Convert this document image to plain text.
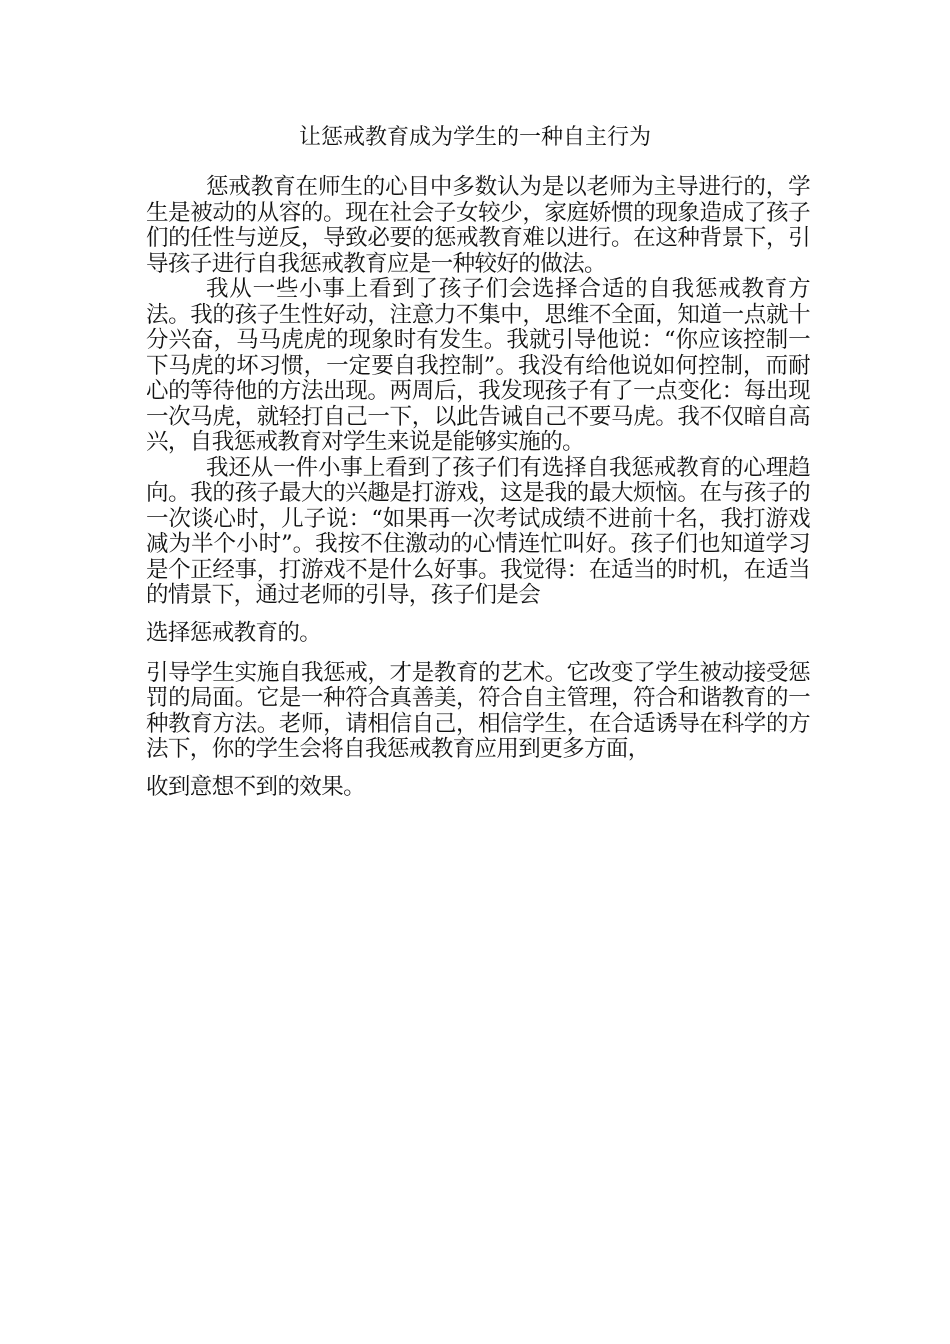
让惩戒教育成为学生的一种自主行为

惩戒教育在师生的心目中多数认为是以老师为主导进行的，学生是被动的从容的。现在社会子女较少，家庭娇惯的现象造成了孩子们的任性与逆反，导致必要的惩戒教育难以进行。在这种背景下，引导孩子进行自我惩戒教育应是一种较好的做法。

我从一些小事上看到了孩子们会选择合适的自我惩戒教育方法。我的孩子生性好动，注意力不集中，思维不全面，知道一点就十分兴奋，马马虎虎的现象时有发生。我就引导他说：“你应该控制一下马虎的坏习惯，一定要自我控制”。我没有给他说如何控制，而耐心的等待他的方法出现。两周后，我发现孩子有了一点变化：每出现一次马虎，就轻打自己一下，以此告诫自己不要马虎。我不仅暗自高兴，自我惩戒教育对学生来说是能够实施的。

我还从一件小事上看到了孩子们有选择自我惩戒教育的心理趋向。我的孩子最大的兴趣是打游戏，这是我的最大烦恼。在与孩子的一次谈心时，儿子说：“如果再一次考试成绩不进前十名，我打游戏减为半个小时”。我按不住激动的心情连忙叫好。孩子们也知道学习是个正经事，打游戏不是什么好事。我觉得：在适当的时机，在适当的情景下，通过老师的引导，孩子们是会

选择惩戒教育的。

引导学生实施自我惩戒，才是教育的艺术。它改变了学生被动接受惩罚的局面。它是一种符合真善美，符合自主管理，符合和谐教育的一种教育方法。老师，请相信自己，相信学生，在合适诱导在科学的方法下，你的学生会将自我惩戒教育应用到更多方面，

收到意想不到的效果。
